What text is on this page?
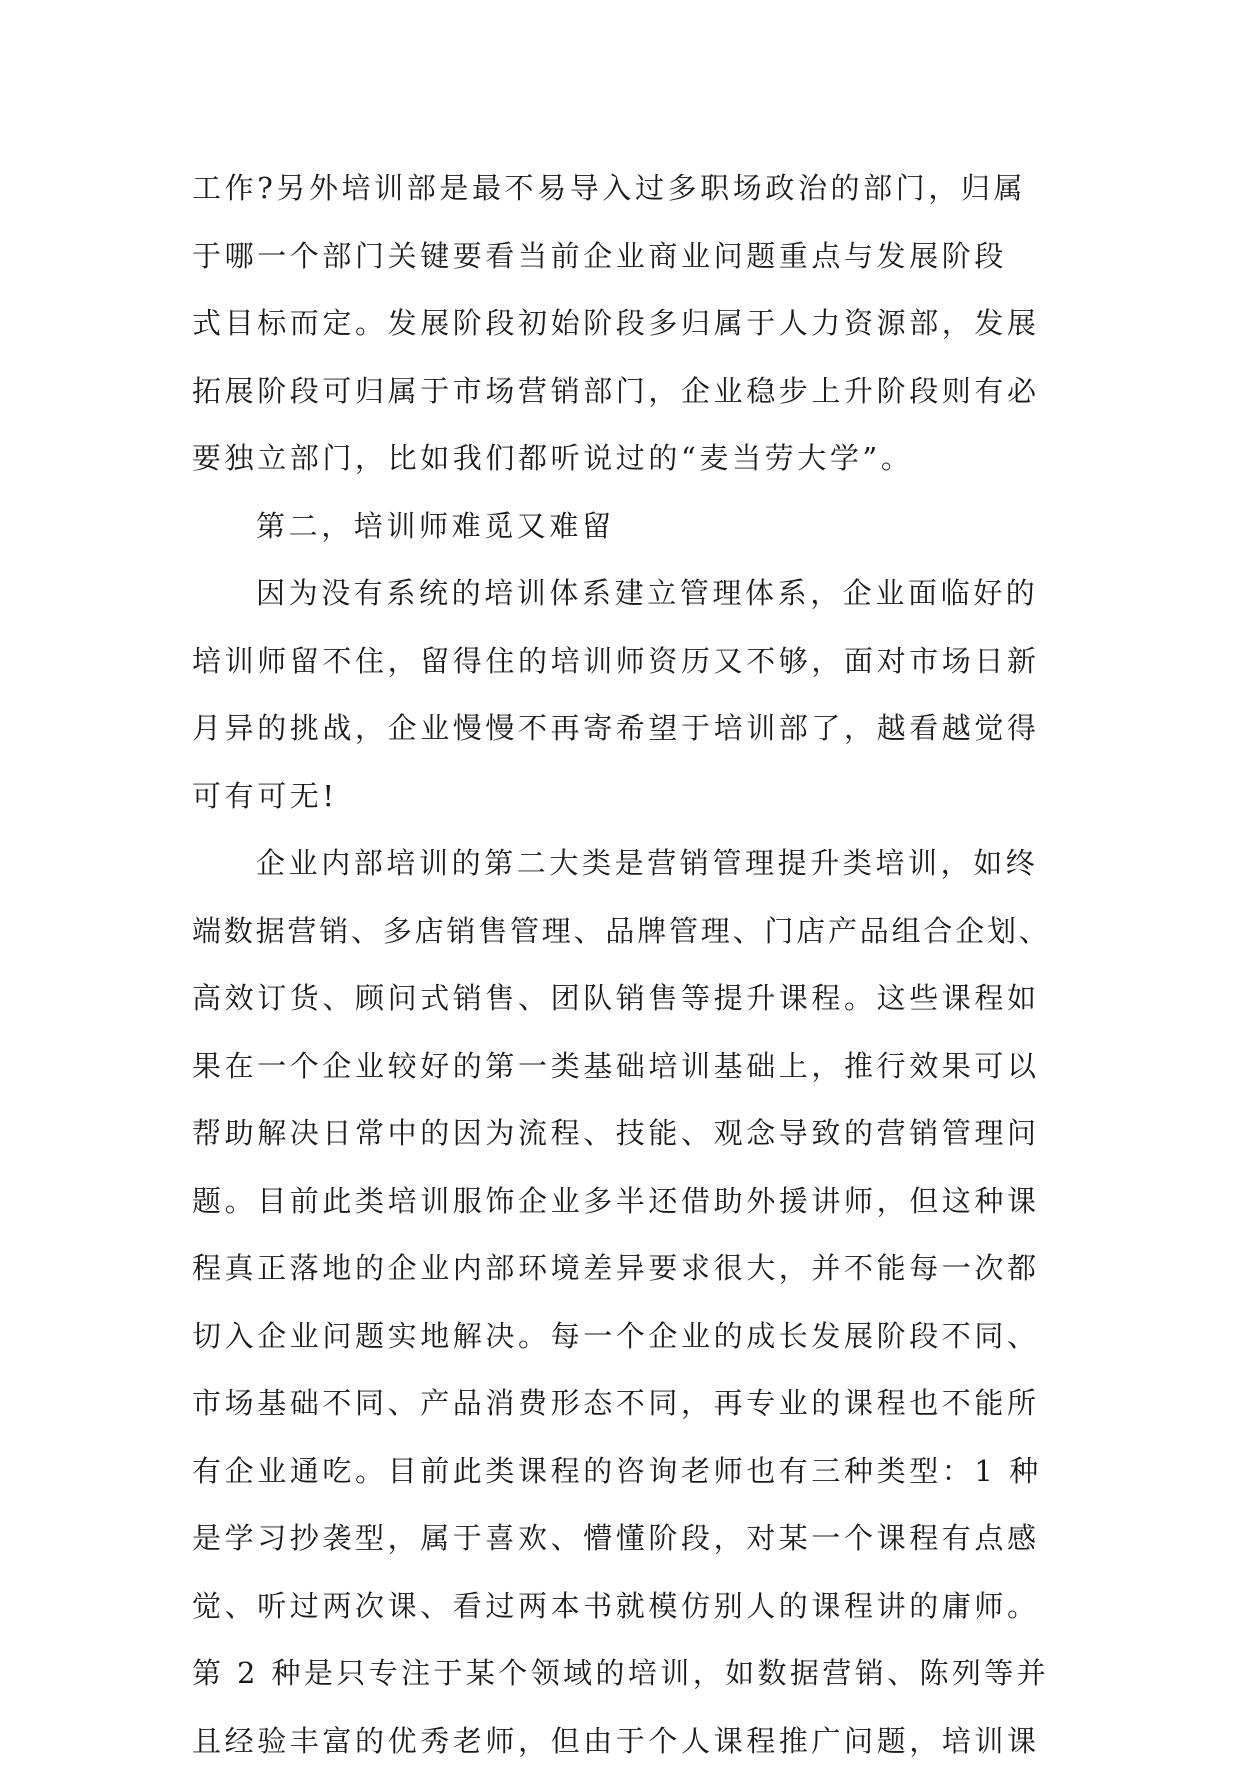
工作?另外培训部是最不易导入过多职场政治的部门，归属
于哪一个部门关键要看当前企业商业问题重点与发展阶段
式目标而定。发展阶段初始阶段多归属于人力资源部，发展
拓展阶段可归属于市场营销部门，企业稳步上升阶段则有必
要独立部门，比如我们都听说过的“麦当劳大学”。
第二，培训师难觅又难留
因为没有系统的培训体系建立管理体系，企业面临好的
培训师留不住，留得住的培训师资历又不够，面对市场日新
月异的挑战，企业慢慢不再寄希望于培训部了，越看越觉得
可有可无!
企业内部培训的第二大类是营销管理提升类培训，如终
端数据营销、多店销售管理、品牌管理、门店产品组合企划、
高效订货、顾问式销售、团队销售等提升课程。这些课程如
果在一个企业较好的第一类基础培训基础上，推行效果可以
帮助解决日常中的因为流程、技能、观念导致的营销管理问
题。目前此类培训服饰企业多半还借助外援讲师，但这种课
程真正落地的企业内部环境差异要求很大，并不能每一次都
切入企业问题实地解决。每一个企业的成长发展阶段不同、
市场基础不同、产品消费形态不同，再专业的课程也不能所
有企业通吃。目前此类课程的咨询老师也有三种类型：1 种
是学习抄袭型，属于喜欢、懵懂阶段，对某一个课程有点感
觉、听过两次课、看过两本书就模仿别人的课程讲的庸师。
第 2 种是只专注于某个领域的培训，如数据营销、陈列等并
且经验丰富的优秀老师，但由于个人课程推广问题，培训课
